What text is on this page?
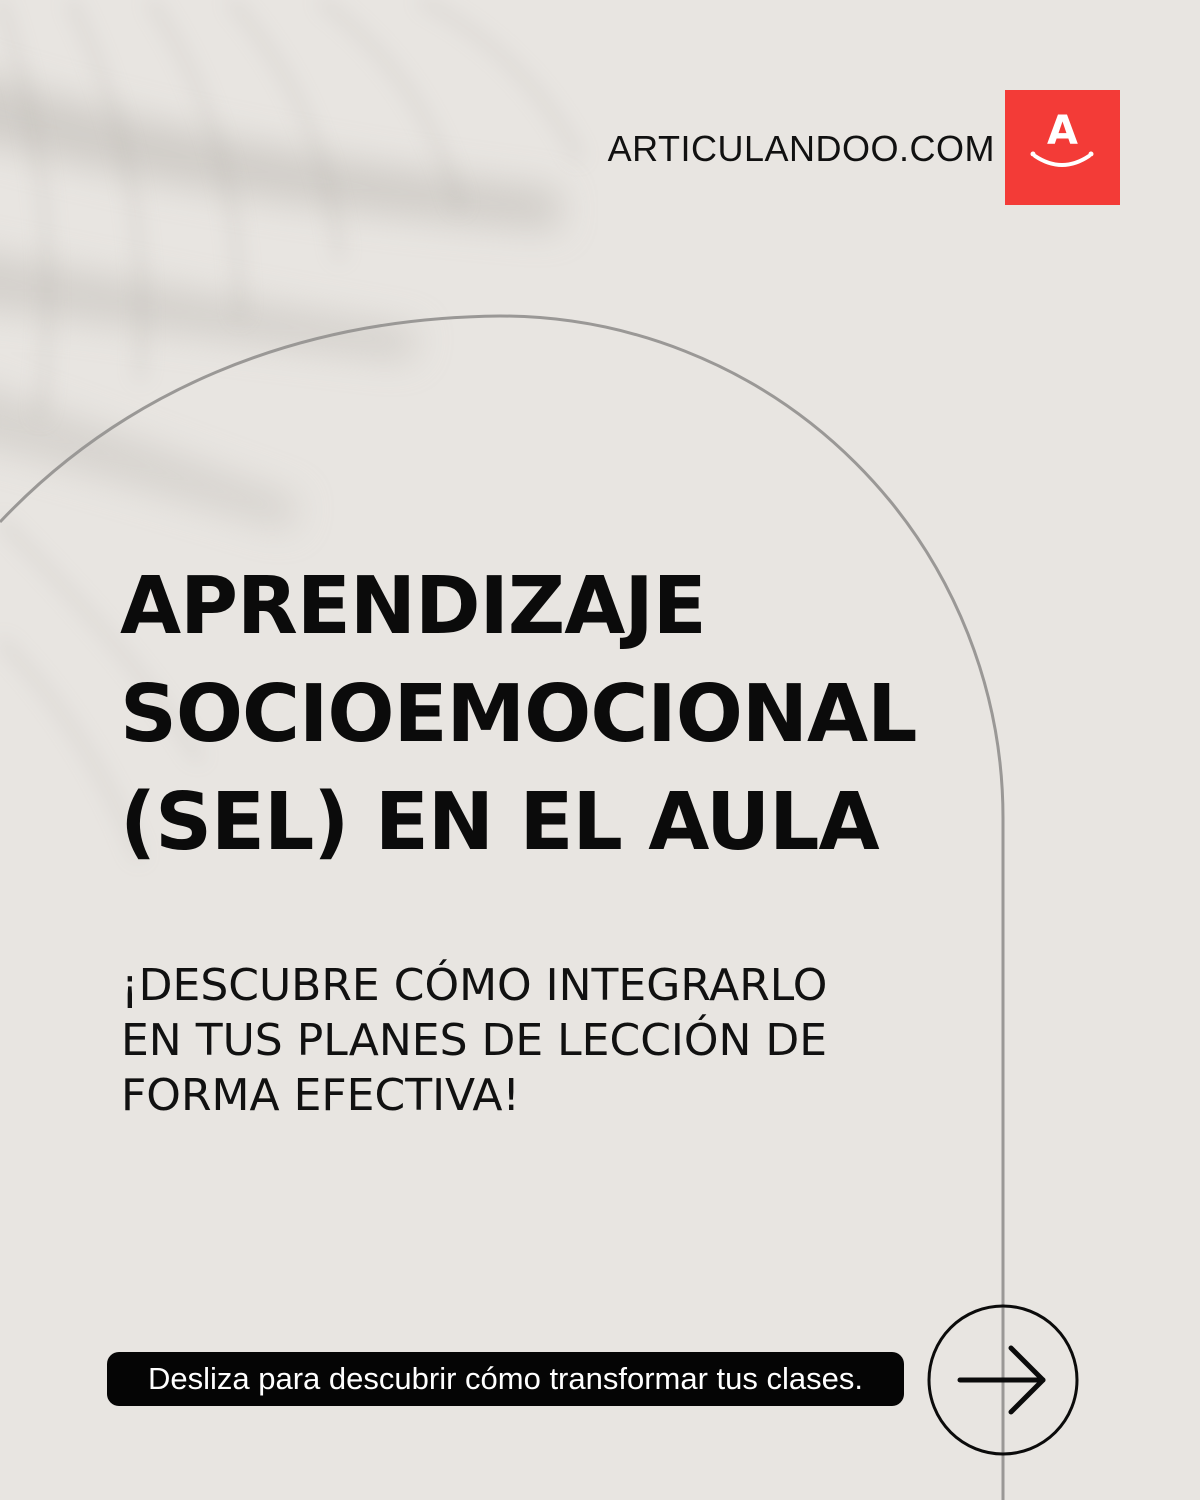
ARTICULANDOO.COM	A
APRENDIZAJE
SOCIOEMOCIONAL
(SEL) EN EL AULA

¡DESCUBRE CÓMO INTEGRARLO
EN TUS PLANES DE LECCIÓN DE
FORMA EFECTIVA!

Desliza para descubrir cómo transformar tus clases.
